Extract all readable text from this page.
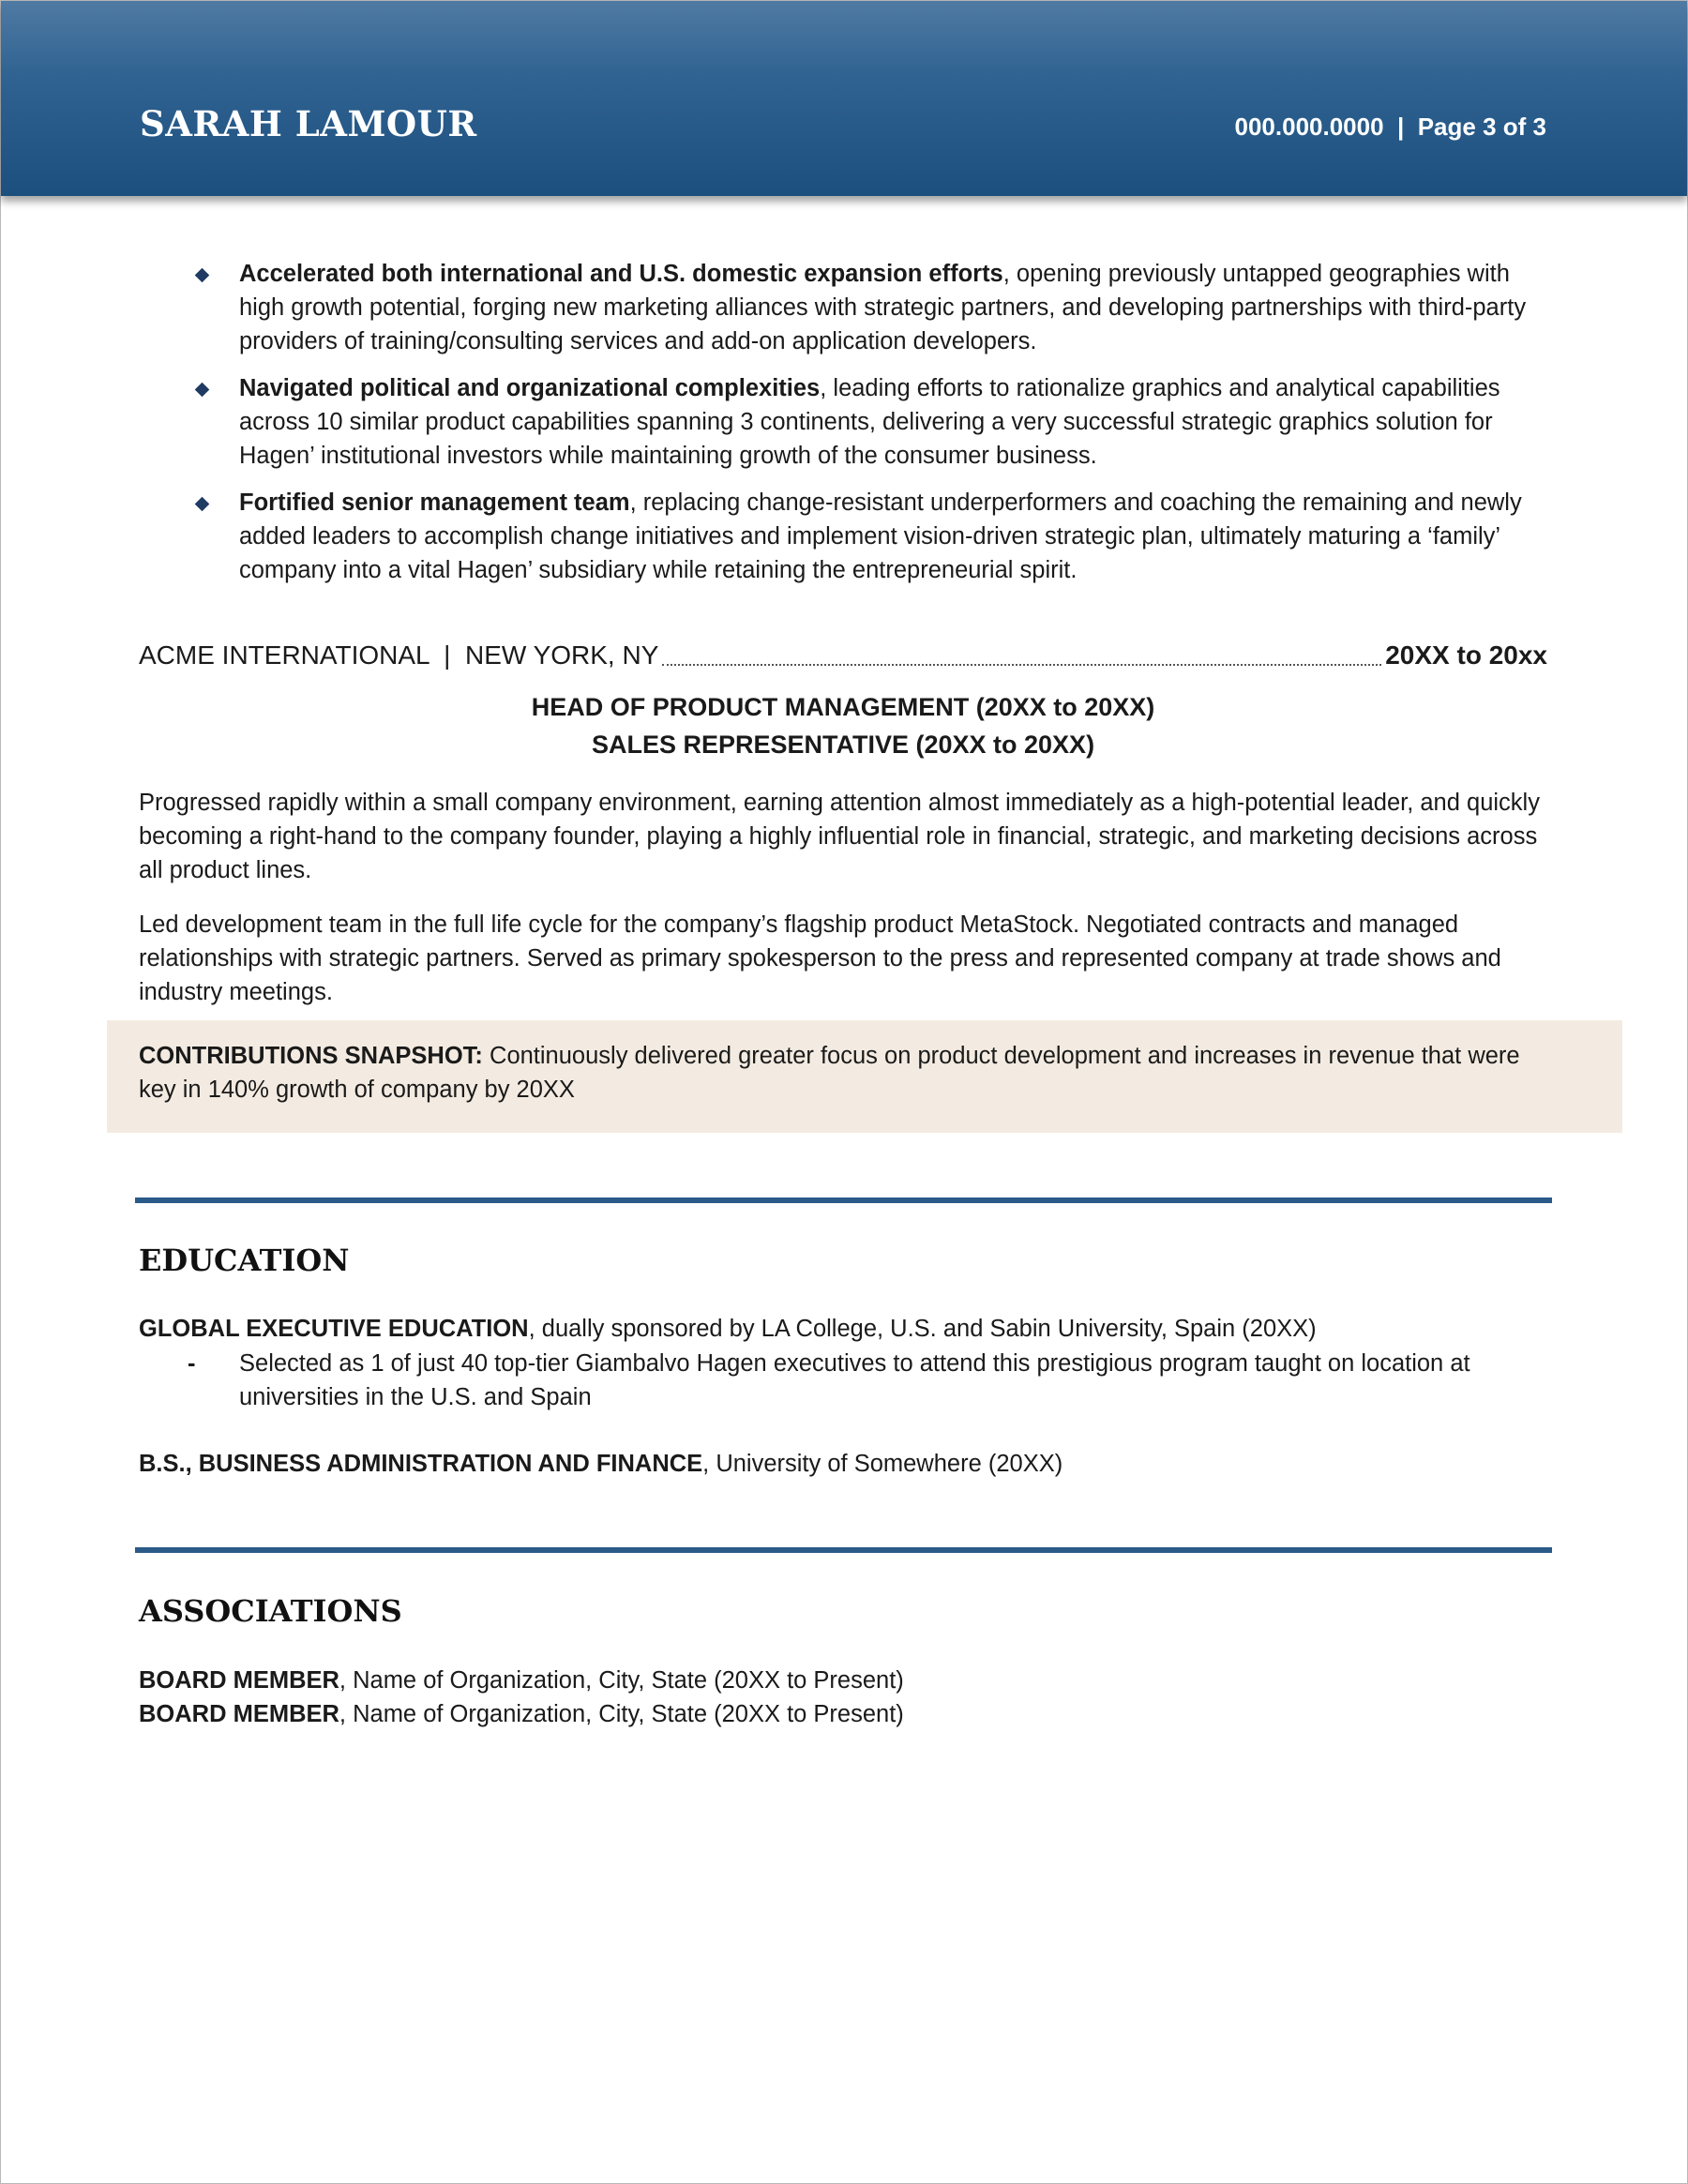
SARAH LAMOUR	000.000.0000  |  Page 3 of 3
Accelerated both international and U.S. domestic expansion efforts, opening previously untapped geographies with high growth potential, forging new marketing alliances with strategic partners, and developing partnerships with third-party providers of training/consulting services and add-on application developers.
Navigated political and organizational complexities, leading efforts to rationalize graphics and analytical capabilities across 10 similar product capabilities spanning 3 continents, delivering a very successful strategic graphics solution for Hagen’ institutional investors while maintaining growth of the consumer business.
Fortified senior management team, replacing change-resistant underperformers and coaching the remaining and newly added leaders to accomplish change initiatives and implement vision-driven strategic plan, ultimately maturing a ‘family’ company into a vital Hagen’ subsidiary while retaining the entrepreneurial spirit.
ACME INTERNATIONAL  |  NEW YORK, NY	20XX to 20xx
HEAD OF PRODUCT MANAGEMENT (20XX to 20XX)
SALES REPRESENTATIVE (20XX to 20XX)

Progressed rapidly within a small company environment, earning attention almost immediately as a high-potential leader, and quickly becoming a right-hand to the company founder, playing a highly influential role in financial, strategic, and marketing decisions across all product lines.

Led development team in the full life cycle for the company’s flagship product MetaStock. Negotiated contracts and managed relationships with strategic partners. Served as primary spokesperson to the press and represented company at trade shows and industry meetings.

CONTRIBUTIONS SNAPSHOT: Continuously delivered greater focus on product development and increases in revenue that were key in 140% growth of company by 20XX

EDUCATION

GLOBAL EXECUTIVE EDUCATION, dually sponsored by LA College, U.S. and Sabin University, Spain (20XX)

- Selected as 1 of just 40 top-tier Giambalvo Hagen executives to attend this prestigious program taught on location at universities in the U.S. and Spain

B.S., BUSINESS ADMINISTRATION AND FINANCE, University of Somewhere (20XX)

ASSOCIATIONS

BOARD MEMBER, Name of Organization, City, State (20XX to Present)

BOARD MEMBER, Name of Organization, City, State (20XX to Present)
